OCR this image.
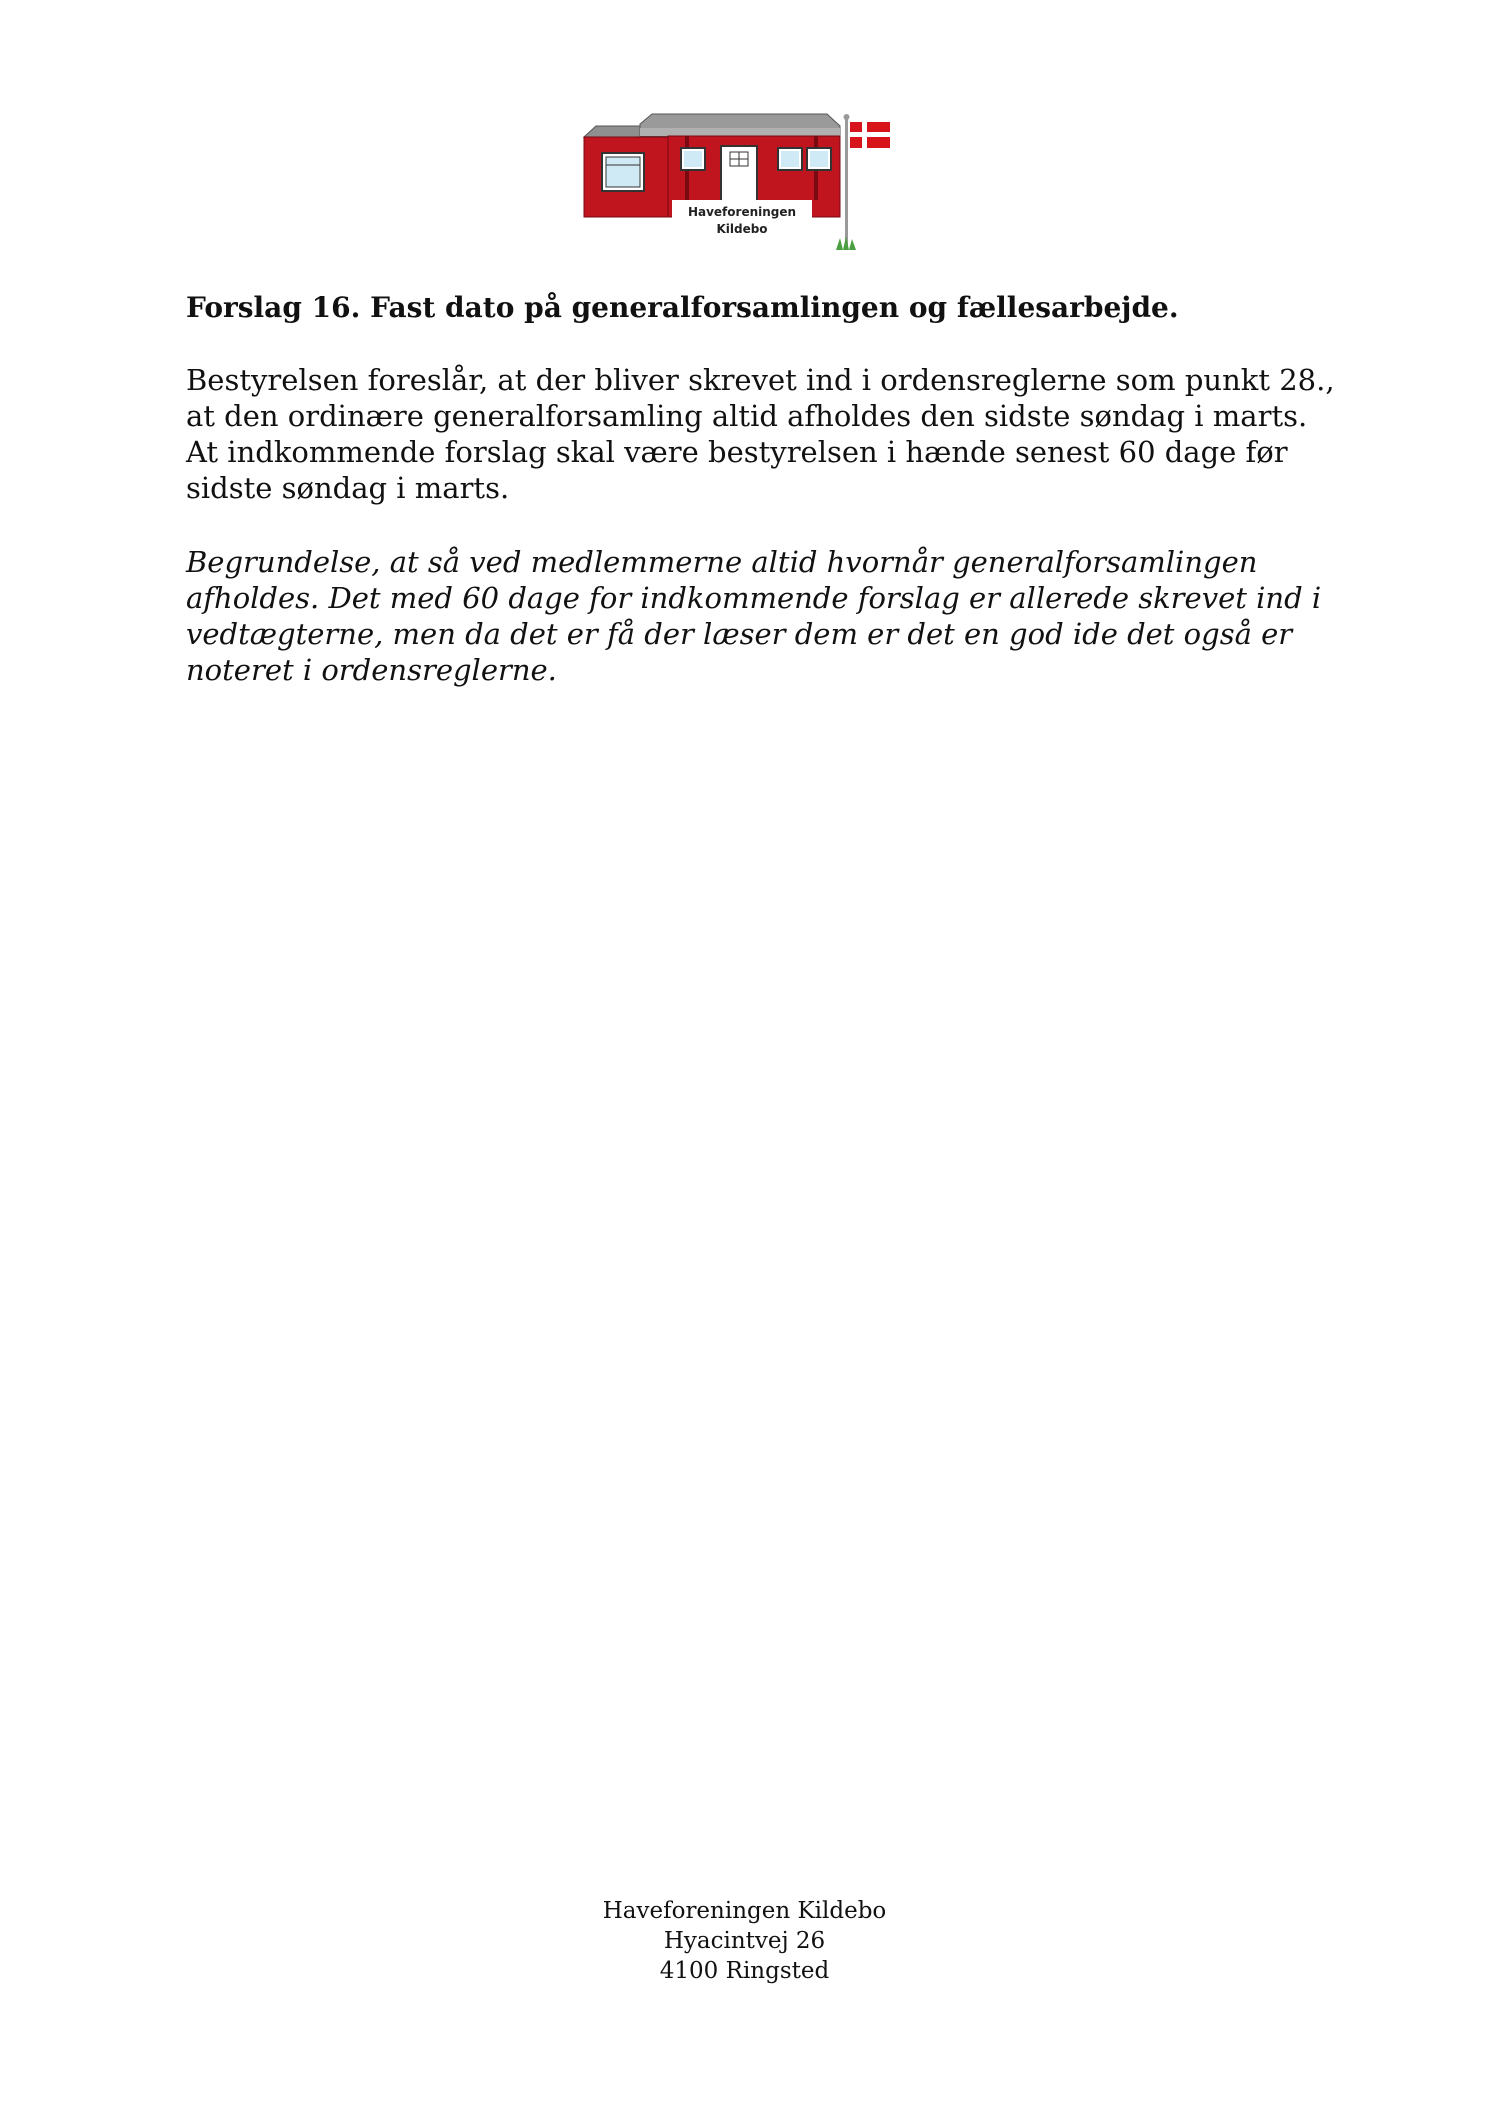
Haveforeningen
Kildebo
Forslag 16. Fast dato på generalforsamlingen og fællesarbejde.

Bestyrelsen foreslår, at der bliver skrevet ind i ordensreglerne som punkt 28., at den ordinære generalforsamling altid afholdes den sidste søndag i marts. At indkommende forslag skal være bestyrelsen i hænde senest 60 dage før sidste søndag i marts.

Begrundelse, at så ved medlemmerne altid hvornår generalforsamlingen afholdes. Det med 60 dage for indkommende forslag er allerede skrevet ind i vedtægterne, men da det er få der læser dem er det en god ide det også er noteret i ordensreglerne.

Haveforeningen Kildebo
Hyacintvej 26
4100 Ringsted
